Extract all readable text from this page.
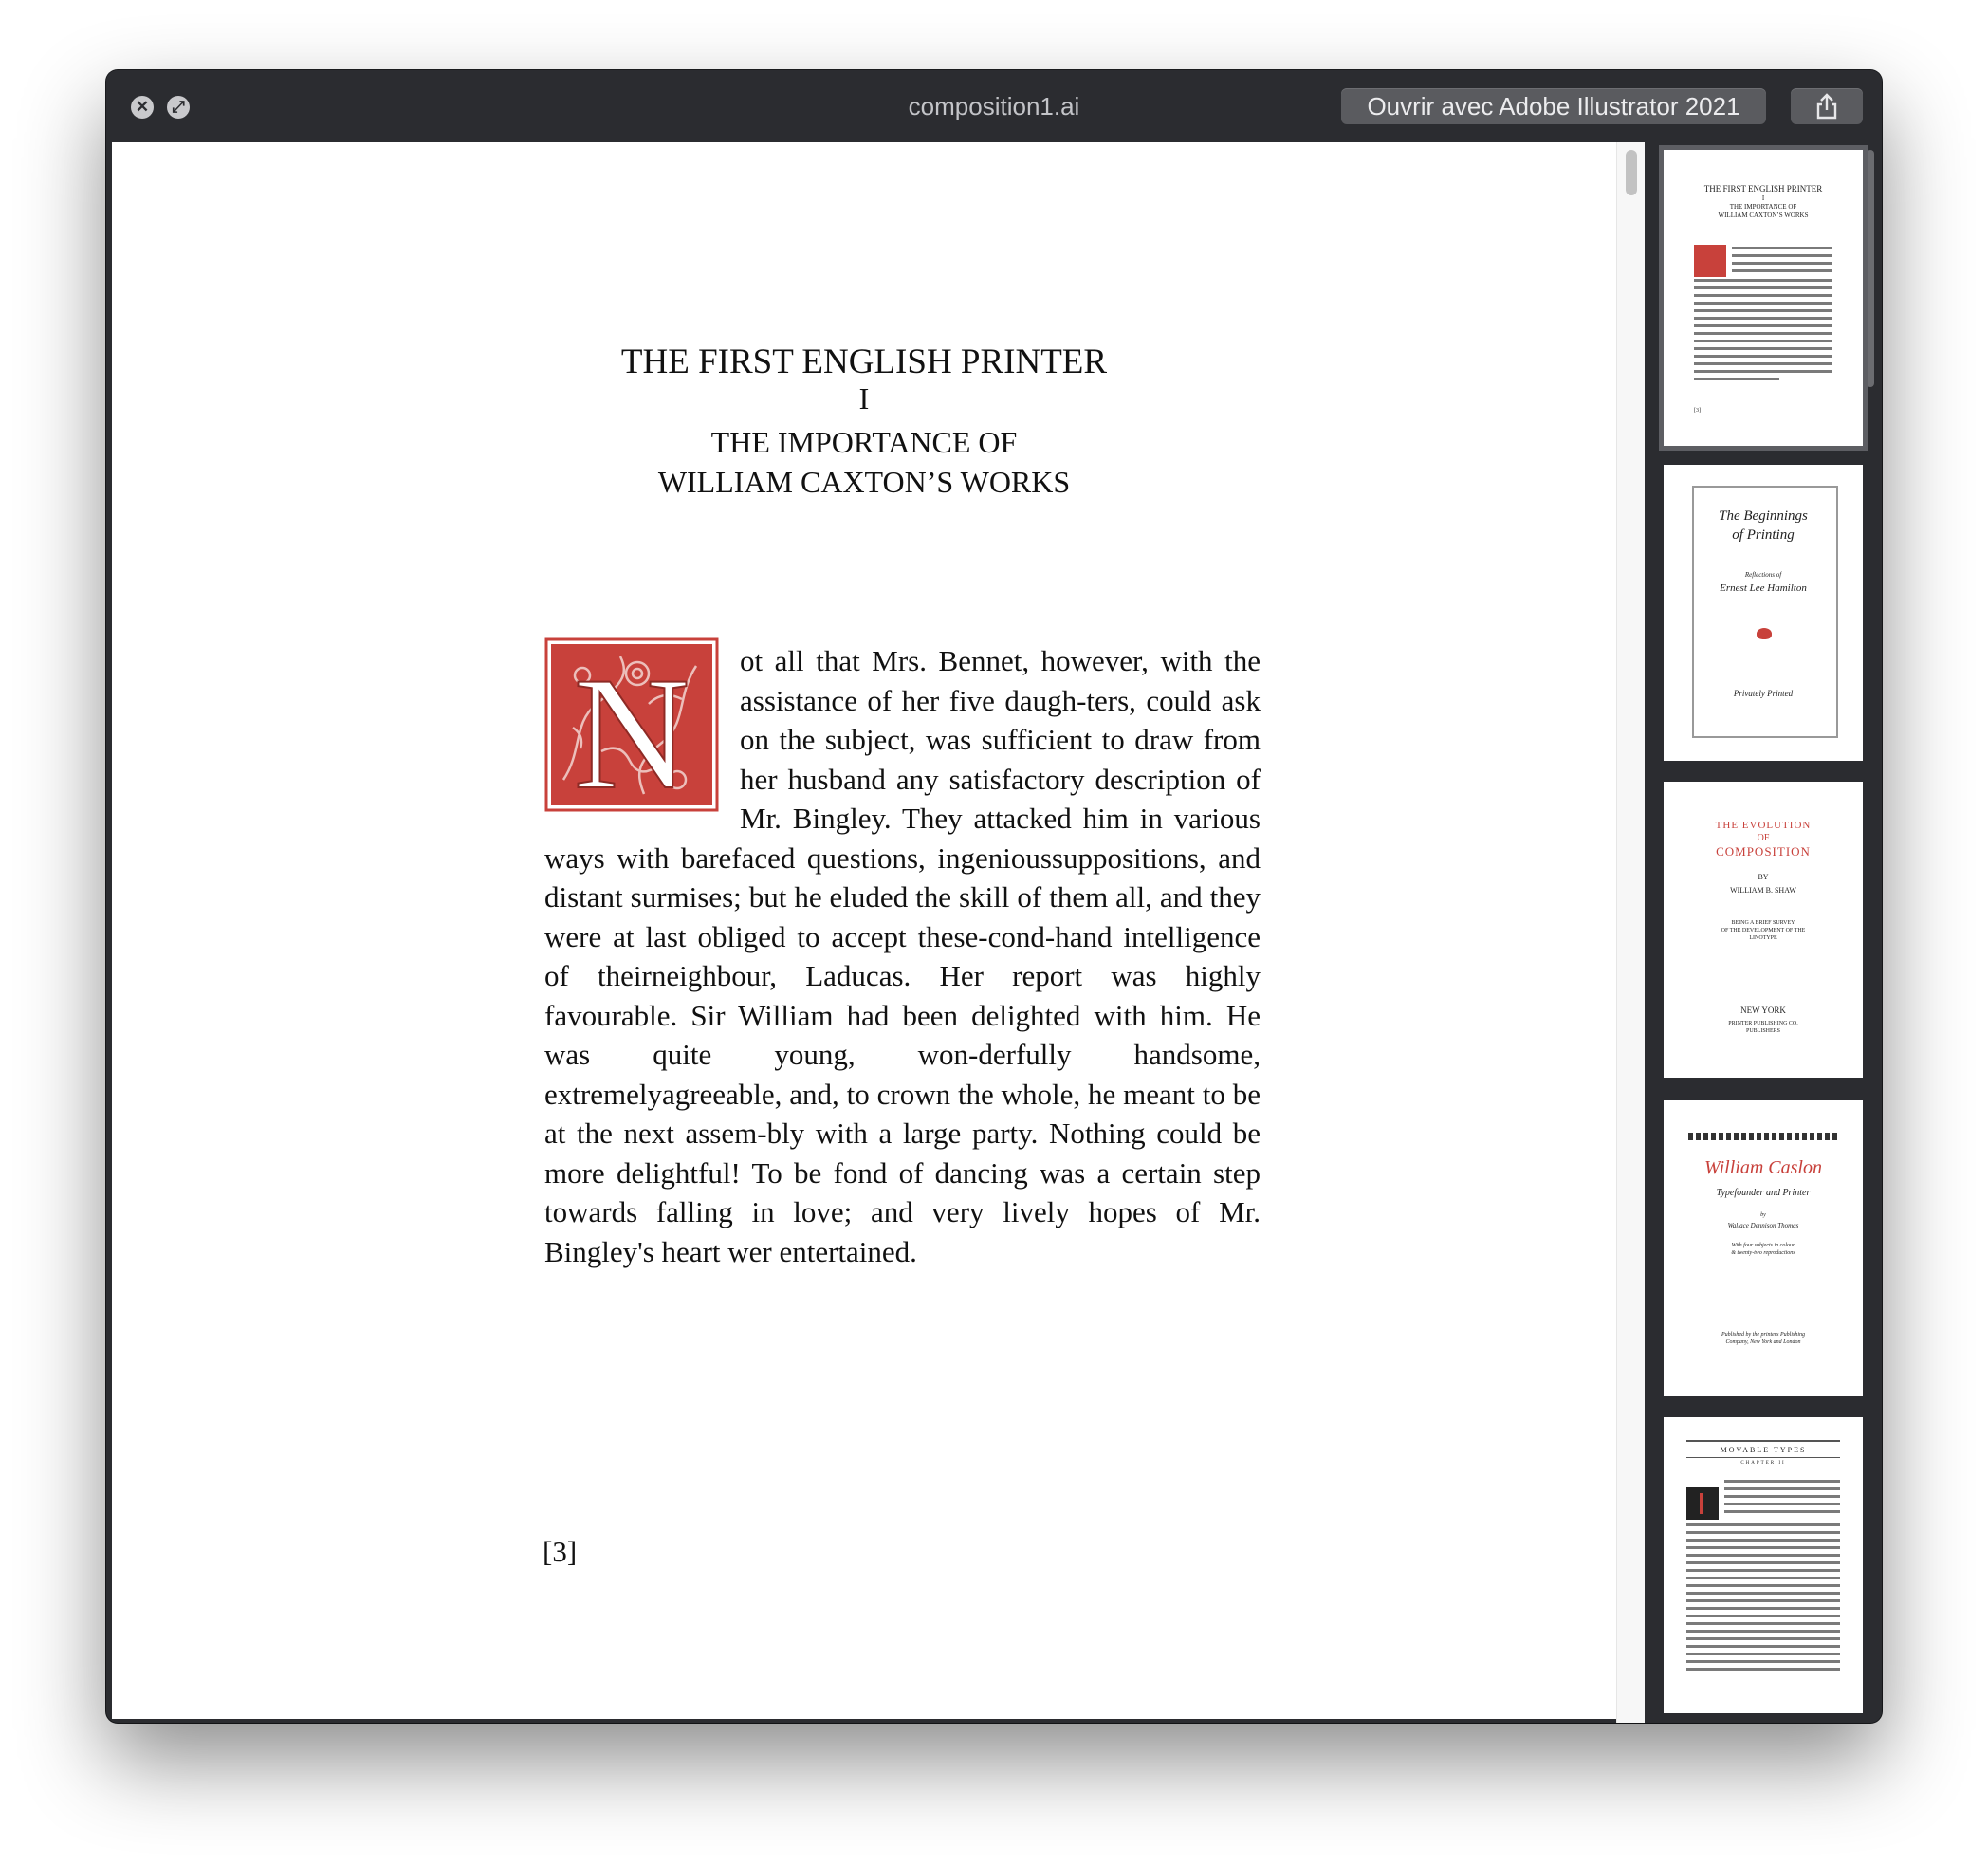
✕	⤢	composition1.ai	Ouvrir avec Adobe Illustrator 2021
THE FIRST ENGLISH PRINTER
I
THE IMPORTANCE OF
WILLIAM CAXTON’S WORKS
N ot all that Mrs. Bennet, however, with the assistance of her five daugh-ters, could ask on the subject, was sufficient to draw from her husband any satisfactory description of Mr. Bingley. They attacked him in various ways with barefaced questions, ingenioussuppositions, and distant surmises; but he eluded the skill of them all, and they were at last obliged to accept these-cond-hand intelligence of theirneighbour, Laducas. Her report was highly favourable. Sir William had been delighted with him. He was quite young, won-derfully handsome, extremelyagreeable, and, to crown the whole, he meant to be at the next assem-bly with a large party. Nothing could be more delightful! To be fond of dancing was a certain step towards falling in love; and very lively hopes of Mr. Bingley's heart wer entertained.
[3]
THE FIRST ENGLISH PRINTER
I
THE IMPORTANCE OF
WILLIAM CAXTON’S WORKS
[3]
The Beginnings
of Printing
Reflections of
Ernest Lee Hamilton
Privately Printed
THE EVOLUTION
OF
COMPOSITION
BY
WILLIAM B. SHAW
BEING A BRIEF SURVEY
OF THE DEVELOPMENT OF THE
LINOTYPE
NEW YORK
PRINTER PUBLISHING CO.
PUBLISHERS
William Caslon
Typefounder and Printer
by
Wallace Dennison Thomas
With four subjects in colour
& twenty-two reproductions
Published by the printers Publishing
Company, New York and London
MOVABLE TYPES
CHAPTER II
